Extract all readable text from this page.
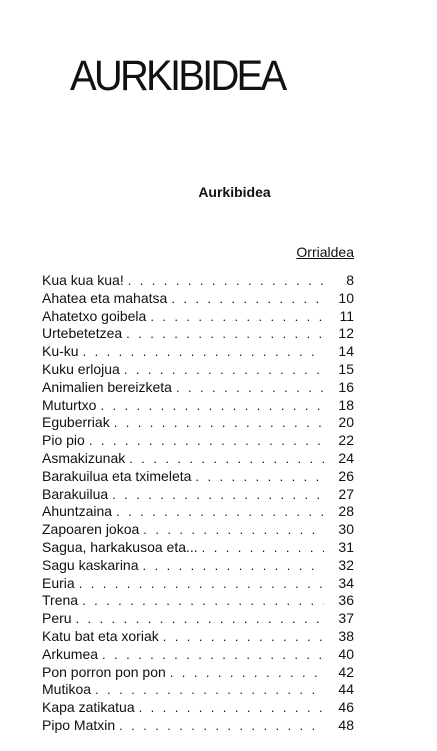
AURKIBIDEA
Aurkibidea
Orrialdea
Kua kua kua! . . .	8
Ahatea eta mahatsa . . .	10
Ahatetxo goibela . . .	11
Urtebetetzea . . .	12
Ku-ku . . .	14
Kuku erlojua . . .	15
Animalien bereizketa . . .	16
Muturtxo . . .	18
Eguberriak . . .	20
Pio pio . . .	22
Asmakizunak . . .	24
Barakuilua eta tximeleta . . .	26
Barakuilua . . .	27
Ahuntzaina . . .	28
Zapoaren jokoa . . .	30
Sagua, harkakusoa eta... . . .	31
Sagu kaskarina . . .	32
Euria . . .	34
Trena . . .	36
Peru . . .	37
Katu bat eta xoriak . . .	38
Arkumea . . .	40
Pon porron pon pon . . .	42
Mutikoa . . .	44
Kapa zatikatua . . .	46
Pipo Matxin . . .	48
